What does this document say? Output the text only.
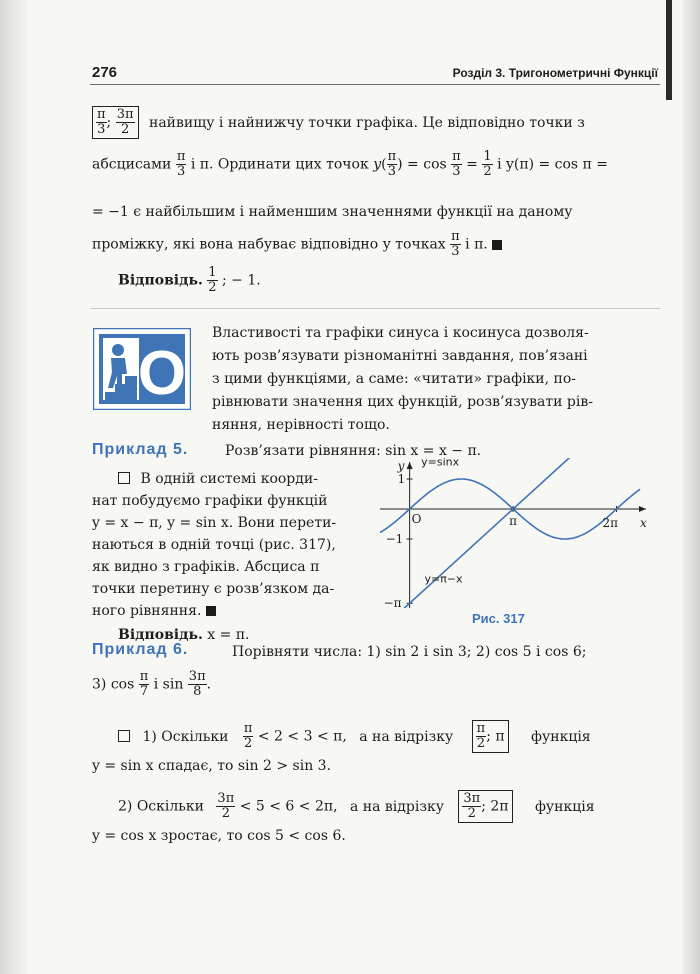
276	Розділ 3. Тригонометричні Функції
$\frac{\pi}{3}$ ; $\frac{3\pi}{2}$ найвищу і найнижчу точки графіка. Це відповідно точки з
абсцисами $\frac{\pi}{3}$ і π. Ординати цих точок $y( \frac{\pi}{3}$ ) = $\cos \frac{\pi}{3} = \frac{1}{2}$ і y(π) = cos π =
= −1 є найбільшим і найменшим значеннями функції на даному
проміжку, які вона набуває відповідно у точках $\frac{\pi}{3}$ і π.
Відповідь. $\frac{1}{2}$ ; − 1.
О
Властивості та графіки синуса і косинуса дозволя-
ють розв’язувати різноманітні завдання, пов’язані
з цими функціями, а саме: «читати» графіки, по-
рівнювати значення цих функцій, розв’язувати рів-
няння, нерівності тощо.
Приклад 5.	Розв’язати рівняння: sin x = x − π.
В одній системі коорди-
нат побудуємо графіки функцій
y = x − π, y = sin x. Вони перети-
наються в одній точці (рис. 317),
як видно з графіків. Абсциса π
точки перетину є розв’язком да-
ного рівняння.
Відповідь. x = π.
y
x
O
1
−1
−π
π	2π
y=sinx
y=π−x
Рис. 317
Приклад 6.	Порівняти числа: 1) sin 2 і sin 3; 2) cos 5 і cos 6;
3) $\cos \frac{\pi}{7}$ і $\sin \frac{3\pi}{8}$ .
1) Оскільки $\frac{\pi}{2} < 2 < 3 < \pi$, а на відрізку $\frac{\pi}{2}$ ; π функція
y = sin x спадає, то sin 2 > sin 3.
2) Оскільки $\frac{3\pi}{2} < 5 < 6 < 2\pi$, а на відрізку $\frac{3\pi}{2}$ ; 2π функція
y = cos x зростає, то cos 5 < cos 6.
